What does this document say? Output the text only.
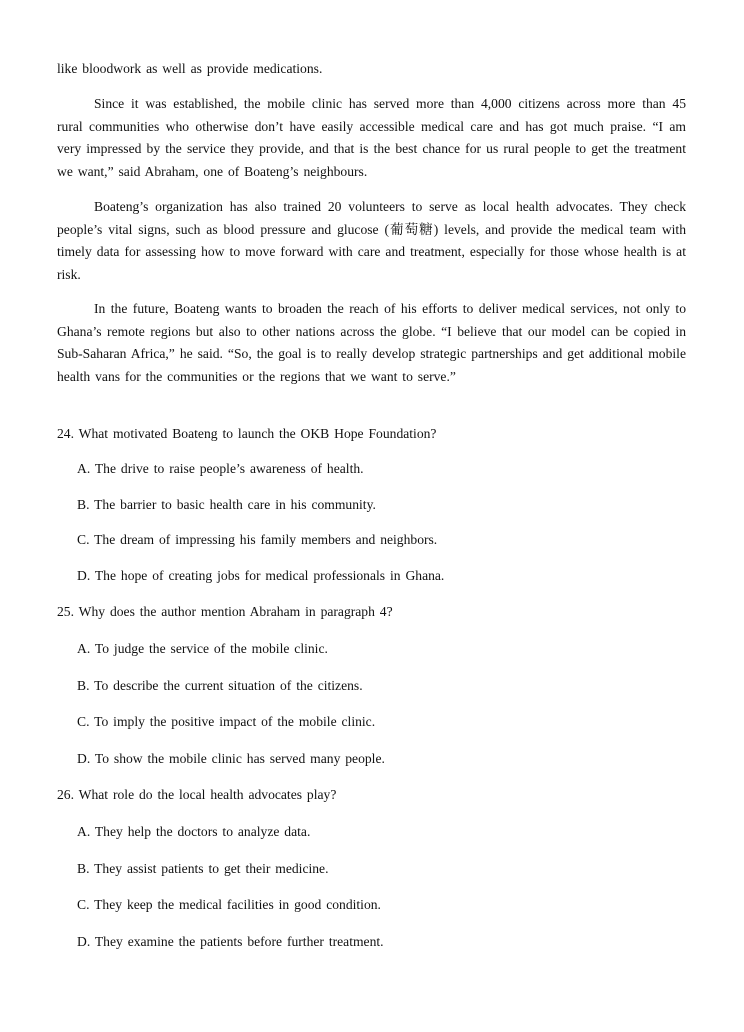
like bloodwork as well as provide medications.

Since it was established, the mobile clinic has served more than 4,000 citizens across more than 45 rural communities who otherwise don’t have easily accessible medical care and has got much praise. “I am very impressed by the service they provide, and that is the best chance for us rural people to get the treatment we want,” said Abraham, one of Boateng’s neighbours.

Boateng’s organization has also trained 20 volunteers to serve as local health advocates. They check people’s vital signs, such as blood pressure and glucose (葡萄糖) levels, and provide the medical team with timely data for assessing how to move forward with care and treatment, especially for those whose health is at risk.

In the future, Boateng wants to broaden the reach of his efforts to deliver medical services, not only to Ghana’s remote regions but also to other nations across the globe. “I believe that our model can be copied in Sub-Saharan Africa,” he said. “So, the goal is to really develop strategic partnerships and get additional mobile health vans for the communities or the regions that we want to serve.”

24. What motivated Boateng to launch the OKB Hope Foundation?

A. The drive to raise people’s awareness of health.

B. The barrier to basic health care in his community.

C. The dream of impressing his family members and neighbors.

D. The hope of creating jobs for medical professionals in Ghana.

25. Why does the author mention Abraham in paragraph 4?

A. To judge the service of the mobile clinic.

B. To describe the current situation of the citizens.

C. To imply the positive impact of the mobile clinic.

D. To show the mobile clinic has served many people.

26. What role do the local health advocates play?

A. They help the doctors to analyze data.

B. They assist patients to get their medicine.

C. They keep the medical facilities in good condition.

D. They examine the patients before further treatment.
